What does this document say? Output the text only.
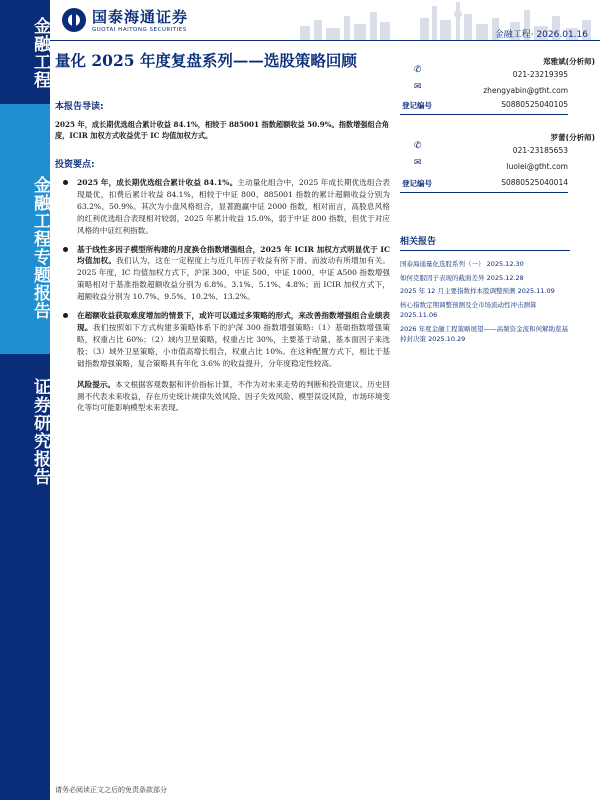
金融工程
金融工程专题报告
证券研究报告
国泰海通证券
GUOTAI HAITONG SECURITIES	金融工程· 2026.01.16
量化 2025 年度复盘系列——选股策略回顾	郑雅斌(分析师)
✆	021-23219395
✉	zhengyabin@gtht.com
登记编号	S0880525040105
罗蕾(分析师)
✆	021-23185653
✉	luolei@gtht.com
登记编号	S0880525040014
相关报告
国泰海通量化选股系列（一） 2025.12.30
如何克服因子表现的截面差异 2025.12.28
2025 年 12 月主要指数样本股调整预测 2025.11.09
核心指数定期调整预测及全市场流动性冲击测算 2025.11.06
2026 年度金融工程策略展望——高频资金流和何解助览基掉封决策 2025.10.29
本报告导读:
2025 年，成长期优选组合累计收益 84.1%，相较于 885001 指数超额收益 50.9%。指数增强组合角度，ICIR 加权方式收益优于 IC 均值加权方式。
投资要点:
2025 年，成长期优选组合累计收益 84.1%。主动量化组合中，2025 年成长期优选组合表现最优，扣费后累计收益 84.1%，相较于中证 800、885001 指数的累计超额收益分别为 63.2%、50.9%。其次为小盘风格组合，显著跑赢中证 2000 指数，相对而言，高股息风格的红利优选组合表现相对较弱，2025 年累计收益 15.0%，弱于中证 800 指数，但优于对应风格的中证红利指数。
基于线性多因子模型所构建的月度换仓指数增强组合，2025 年 ICIR 加权方式明显优于 IC 均值加权。我们认为，这在一定程度上与近几年因子收益有所下滑、而波动有所增加有关。2025 年度，IC 均值加权方式下，沪深 300、中证 500、中证 1000、中证 A500 指数增强策略相对于基准指数超额收益分别为 6.8%、3.1%、5.1%、4.8%；而 ICIR 加权方式下，超额收益分别为 10.7%、9.5%、10.2%、13.2%。
在超额收益获取难度增加的情景下，或许可以通过多策略的形式，来改善指数增强组合业绩表现。我们按照如下方式构建多策略体系下的沪深 300 指数增强策略:（1）基础指数增强策略，权重占比 60%；（2）域内卫星策略，权重占比 30%，主要基于动量、基本面因子来选股；（3）域外卫星策略，小市值高增长组合，权重占比 10%。在这种配置方式下，相比于基础指数增强策略，复合策略具有年化 3.6% 的收益提升，分年度稳定性较高。
风险提示。本文根据客观数据和评价指标计算，不作为对未来走势的判断和投资建议。历史回测不代表未来收益，存在历史统计规律失效风险、因子失效风险、模型误设风险，市场环境变化等均可能影响模型未来表现。
请务必阅读正文之后的免责条款部分
